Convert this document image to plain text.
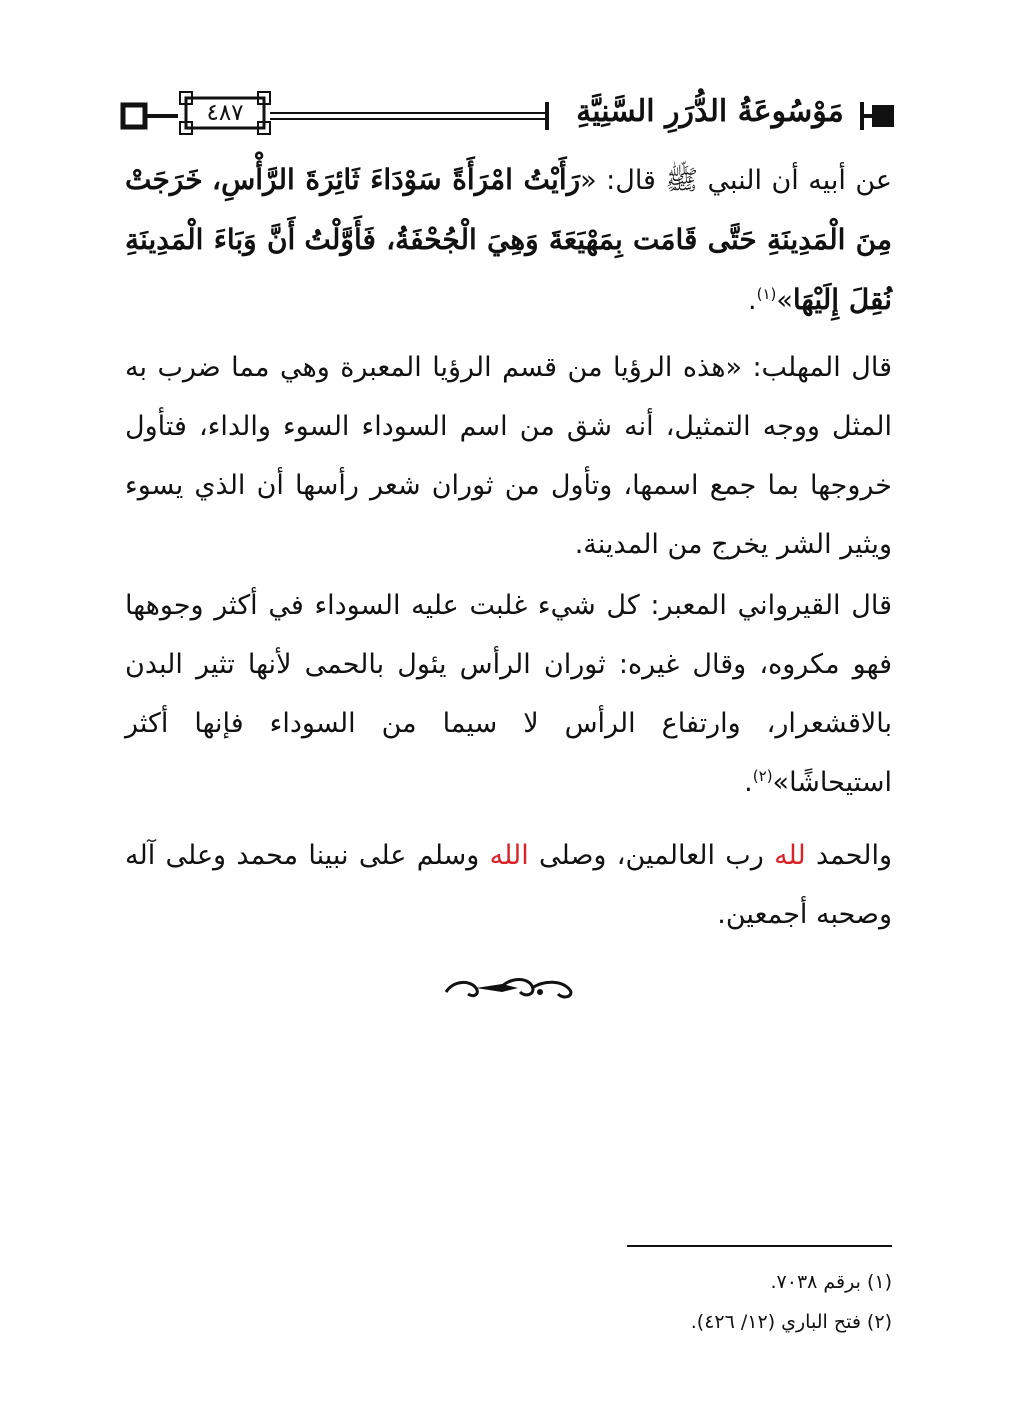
٤٨٧	مَوْسُوعَةُ الدُّرَرِ السَّنِيَّةِ
عن أبيه أن النبي ﷺ قال: «رَأَيْتُ امْرَأَةً سَوْدَاءَ ثَائِرَةَ الرَّأْسِ، خَرَجَتْ مِنَ الْمَدِينَةِ حَتَّى قَامَت بِمَهْيَعَةَ وَهِيَ الْجُحْفَةُ، فَأَوَّلْتُ أَنَّ وَبَاءَ الْمَدِينَةِ نُقِلَ إِلَيْهَا»$^{(١)}$.

قال المهلب: «هذه الرؤيا من قسم الرؤيا المعبرة وهي مما ضرب به المثل ووجه التمثيل، أنه شق من اسم السوداء السوء والداء، فتأول خروجها بما جمع اسمها، وتأول من ثوران شعر رأسها أن الذي يسوء ويثير الشر يخرج من المدينة.

قال القيرواني المعبر: كل شيء غلبت عليه السوداء في أكثر وجوهها فهو مكروه، وقال غيره: ثوران الرأس يئول بالحمى لأنها تثير البدن بالاقشعرار، وارتفاع الرأس لا سيما من السوداء فإنها أكثر استيحاشًا»$^{(٢)}$.
والحمد لله رب العالمين، وصلى الله وسلم على نبينا محمد وعلى آله وصحبه أجمعين.

(١) برقم ٧٠٣٨.

(٢) فتح الباري (١٢/ ٤٢٦).
